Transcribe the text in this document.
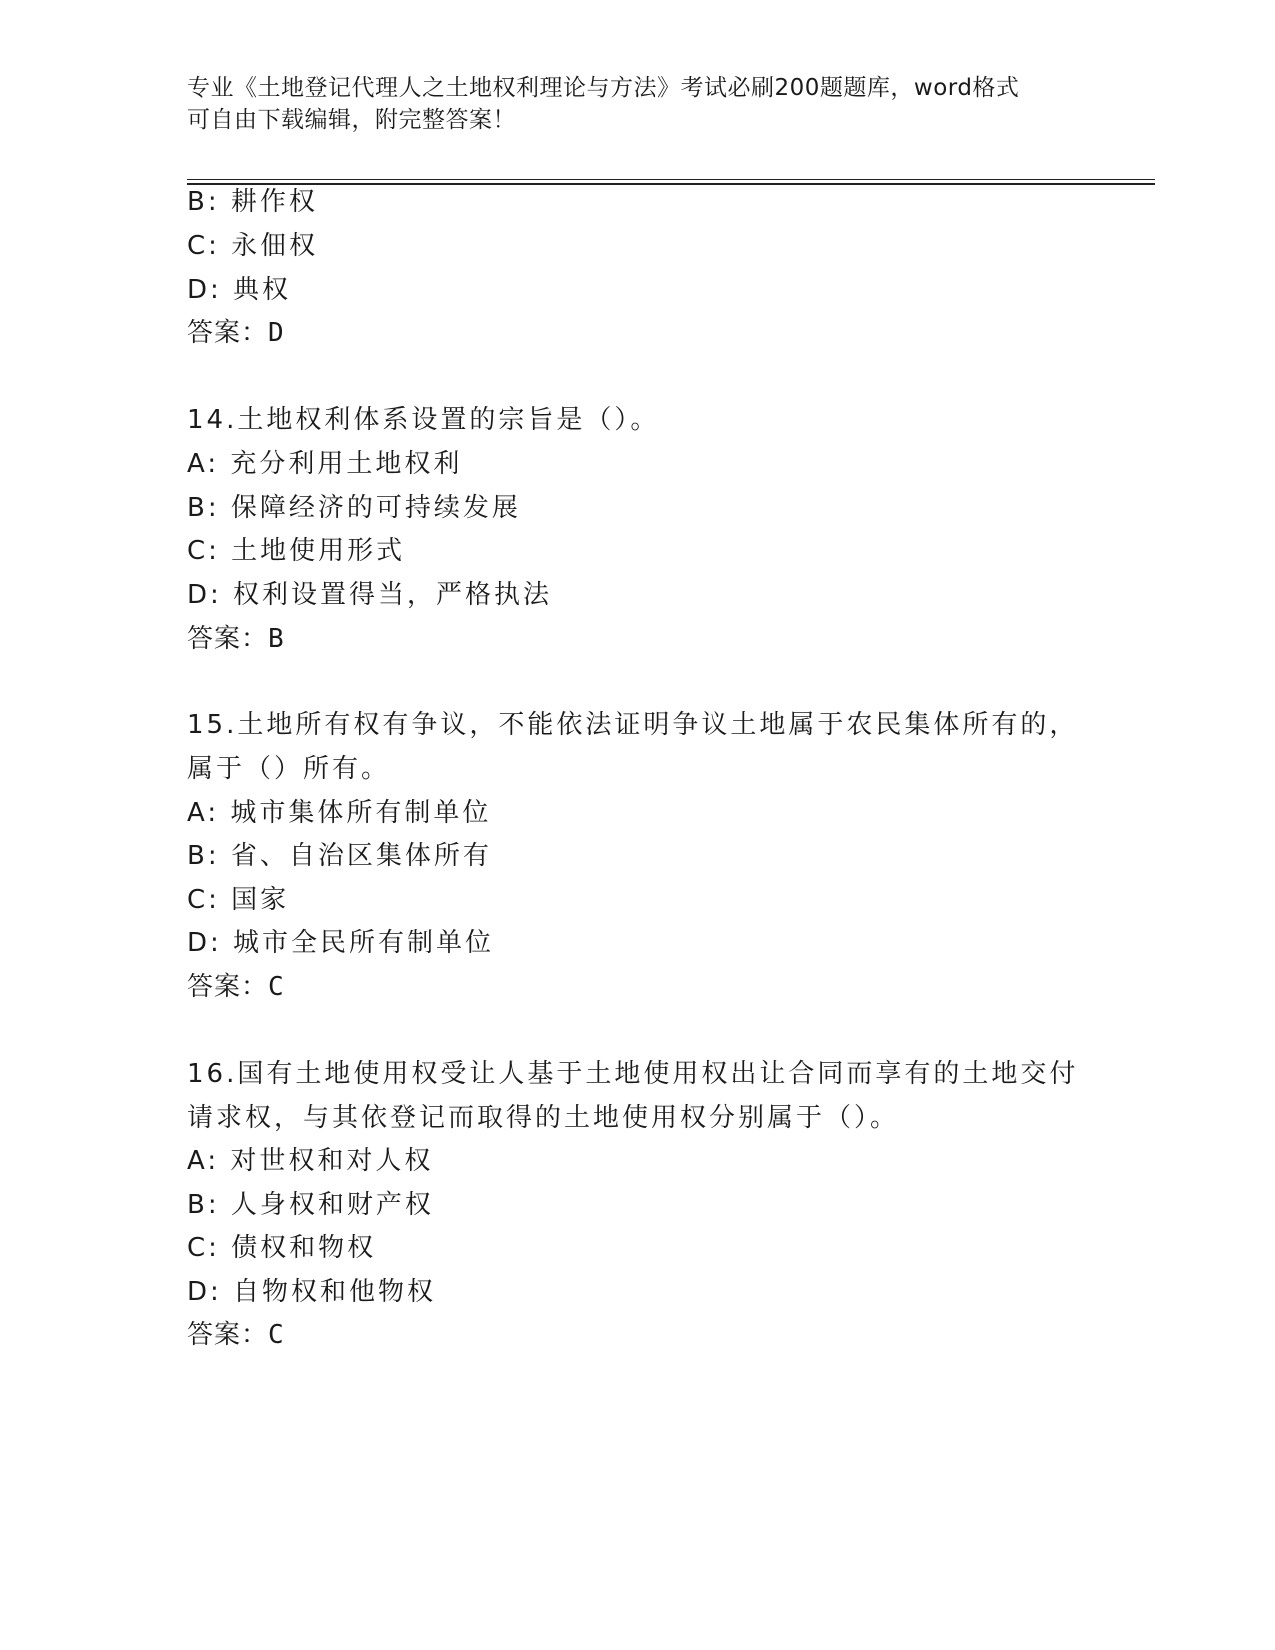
专业《土地登记代理人之土地权利理论与方法》考试必刷200题题库，word格式
可自由下载编辑，附完整答案！
B: 耕作权
C: 永佃权
D: 典权
答案：D
14.土地权利体系设置的宗旨是（）。
A: 充分利用土地权利
B: 保障经济的可持续发展
C: 土地使用形式
D: 权利设置得当，严格执法
答案：B
15.土地所有权有争议，不能依法证明争议土地属于农民集体所有的，
属于（）所有。
A: 城市集体所有制单位
B: 省、自治区集体所有
C: 国家
D: 城市全民所有制单位
答案：C
16.国有土地使用权受让人基于土地使用权出让合同而享有的土地交付
请求权，与其依登记而取得的土地使用权分别属于（）。
A: 对世权和对人权
B: 人身权和财产权
C: 债权和物权
D: 自物权和他物权
答案：C
